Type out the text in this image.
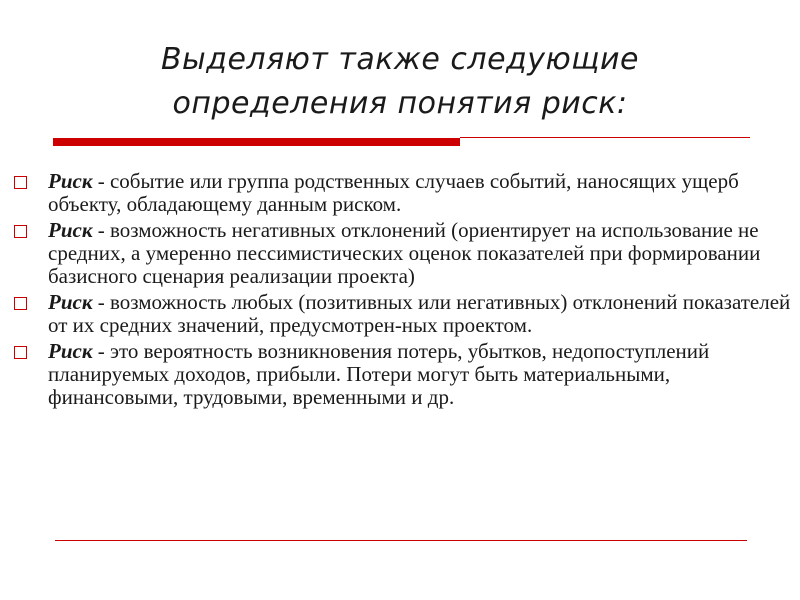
Выделяют также следующие
определения понятия риск:
Риск - событие или группа родственных случаев событий, наносящих ущерб объекту, обладающему данным риском.
Риск - возможность негативных отклонений (ориентирует на использование не средних, а умеренно пессимистических оценок показателей при формировании базисного сценария реализации проекта)
Риск - возможность любых (позитивных или негативных) отклонений показателей от их средних значений, предусмотрен-ных проектом.
Риск - это вероятность возникновения потерь, убытков, недопоступлений планируемых доходов, прибыли. Потери могут быть материальными, финансовыми, трудовыми, временными и др.
